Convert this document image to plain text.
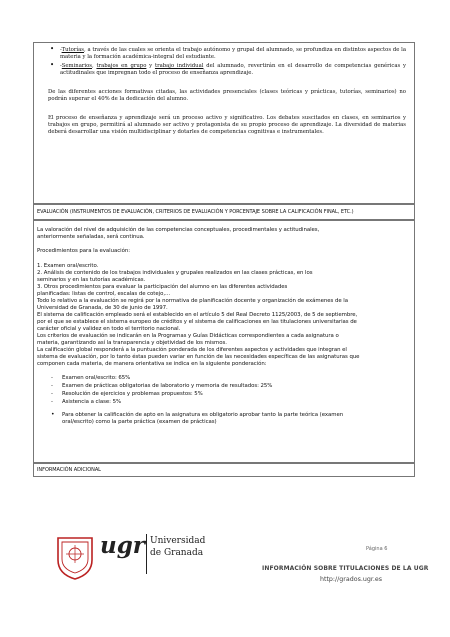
• -Tutorías, a través de las cuales se orienta el trabajo autónomo y grupal del alumnado, se profundiza en distintos aspectos de la materia y la formación académica-integral del estudiante.

• -Seminarios, trabajos en grupo y trabajo individual del alumnado, revertirán en el desarrollo de competencias genéricas y actitudinales que impregnan todo el proceso de enseñanza aprendizaje.

De las diferentes acciones formativas citadas, las actividades presenciales (clases teóricas y prácticas, tutorías, seminarios) no podrán superar el 40% de la dedicación del alumno.

El proceso de enseñanza y aprendizaje será un proceso activo y significativo. Los debates suscitados en clases, en seminarios y trabajos en grupo, permitirá al alumnado ser activo y protagonista de su propio proceso de aprendizaje. La diversidad de materias deberá desarrollar una visión multidisciplinar y dotarles de competencias cognitivas e instrumentales.

EVALUACIÓN (INSTRUMENTOS DE EVALUACIÓN, CRITERIOS DE EVALUACIÓN Y PORCENTAJE SOBRE LA CALIFICACIÓN FINAL, ETC.)

La valoración del nivel de adquisición de las competencias conceptuales, procedimentales y actitudinales,

anteriormente señaladas, será continua.

Procedimientos para la evaluación:

1. Examen oral/escrito.

2. Análisis de contenido de los trabajos individuales y grupales realizados en las clases prácticas, en los

seminarios y en las tutorías académicas.

3. Otros procedimientos para evaluar la participación del alumno en las diferentes actividades

planificadas: listas de control, escalas de cotejo,...

Todo lo relativo a la evaluación se regirá por la normativa de planificación docente y organización de exámenes de la

Universidad de Granada, de 30 de junio de 1997.

El sistema de calificación empleado será el establecido en el artículo 5 del Real Decreto 1125/2003, de 5 de septiembre,

por el que se establece el sistema europeo de créditos y el sistema de calificaciones en las titulaciones universitarias de

carácter oficial y validez en todo el territorio nacional.

Los criterios de evaluación se indicarán en la Programas y Guías Didácticas correspondientes a cada asignatura o

materia, garantizando así la transparencia y objetividad de los mismos.

La calificación global responderá a la puntuación ponderada de los diferentes aspectos y actividades que integran el

sistema de evaluación, por lo tanto éstas pueden variar en función de las necesidades específicas de las asignaturas que

componen cada materia, de manera orientativa se indica en la siguiente ponderación:

- Examen oral/escrito: 65%

- Examen de prácticas obligatorias de laboratorio y memoria de resultados: 25%

- Resolución de ejercicios y problemas propuestos: 5%

- Asistencia a clase: 5%

• Para obtener la calificación de apto en la asignatura es obligatorio aprobar tanto la parte teórica (examen

oral/escrito) como la parte práctica (examen de prácticas)

INFORMACIÓN ADICIONAL
ugr Universidad
de Granada	Página 6
INFORMACIÓN SOBRE TITULACIONES DE LA UGR
http://grados.ugr.es
